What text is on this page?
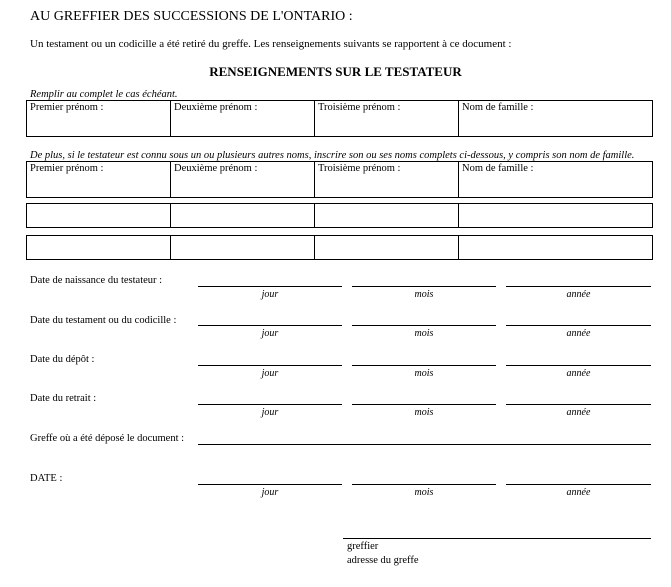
AU GREFFIER DES SUCCESSIONS DE L'ONTARIO :
Un testament ou un codicille a été retiré du greffe. Les renseignements suivants se rapportent à ce document :
RENSEIGNEMENTS SUR LE TESTATEUR
Remplir au complet le cas échéant.
Premier prénom :	Deuxième prénom :	Troisième prénom :	Nom de famille :
De plus, si le testateur est connu sous un ou plusieurs autres noms, inscrire son ou ses noms complets ci-dessous, y compris son nom de famille.
Premier prénom :	Deuxième prénom :	Troisième prénom :	Nom de famille :

Date de naissance du testateur :
jour	mois	année
Date du testament ou du codicille :
jour	mois	année
Date du dépôt :
jour	mois	année
Date du retrait :
jour	mois	année
Greffe où a été déposé le document :
DATE :
jour	mois	année
greffier
adresse du greffe
